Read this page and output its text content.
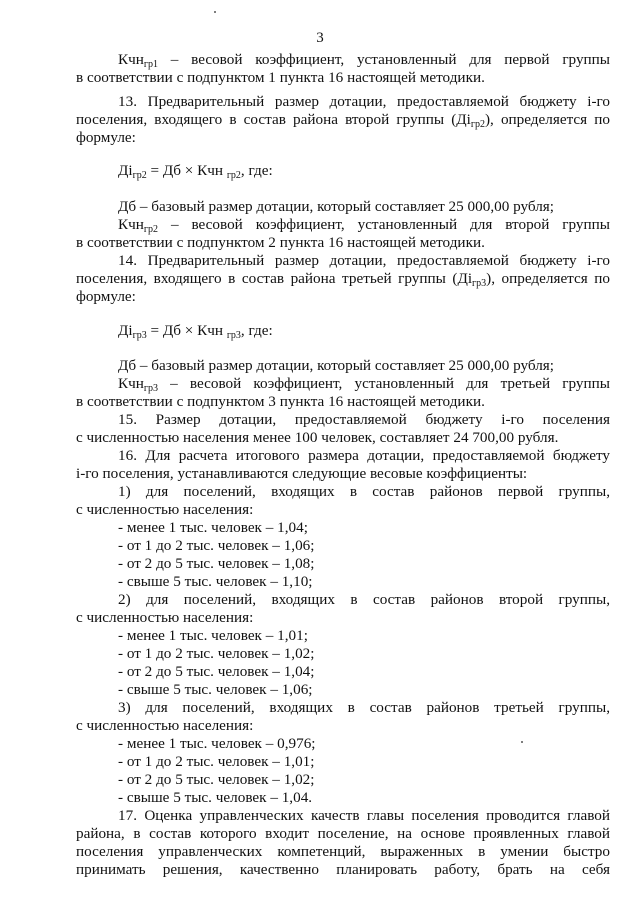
3
Кчн$_{гр1}$ – весовой коэффициент, установленный для первой группы
в соответствии с подпунктом 1 пункта 16 настоящей методики.
13. Предварительный размер дотации, предоставляемой бюджету i-го
поселения, входящего в состав района второй группы $(Дi_{гр2})$, определяется по
формуле:
$Дi_{гр2}$ = Дб × Кчн $_{гр2}$, где:
Дб – базовый размер дотации, который составляет 25 000,00 рубля;
Кчн$_{гр2}$ – весовой коэффициент, установленный для второй группы
в соответствии с подпунктом 2 пункта 16 настоящей методики.
14. Предварительный размер дотации, предоставляемой бюджету i-го
поселения, входящего в состав района третьей группы $(Дi_{гр3})$, определяется по
формуле:
$Дi_{гр3}$ = Дб × Кчн $_{гр3}$, где:
Дб – базовый размер дотации, который составляет 25 000,00 рубля;
Кчн$_{гр3}$ – весовой коэффициент, установленный для третьей группы
в соответствии с подпунктом 3 пункта 16 настоящей методики.
15. Размер дотации, предоставляемой бюджету i-го поселения
с численностью населения менее 100 человек, составляет 24 700,00 рубля.
16. Для расчета итогового размера дотации, предоставляемой бюджету
i-го поселения, устанавливаются следующие весовые коэффициенты:
1) для поселений, входящих в состав районов первой группы,
с численностью населения:
- менее 1 тыс. человек – 1,04;
- от 1 до 2 тыс. человек – 1,06;
- от 2 до 5 тыс. человек – 1,08;
- свыше 5 тыс. человек – 1,10;
2) для поселений, входящих в состав районов второй группы,
с численностью населения:
- менее 1 тыс. человек – 1,01;
- от 1 до 2 тыс. человек – 1,02;
- от 2 до 5 тыс. человек – 1,04;
- свыше 5 тыс. человек – 1,06;
3) для поселений, входящих в состав районов третьей группы,
с численностью населения:
- менее 1 тыс. человек – 0,976;
- от 1 до 2 тыс. человек – 1,01;
- от 2 до 5 тыс. человек – 1,02;
- свыше 5 тыс. человек – 1,04.
17. Оценка управленческих качеств главы поселения проводится главой
района, в состав которого входит поселение, на основе проявленных главой
поселения управленческих компетенций, выраженных в умении быстро
принимать решения, качественно планировать работу, брать на себя
